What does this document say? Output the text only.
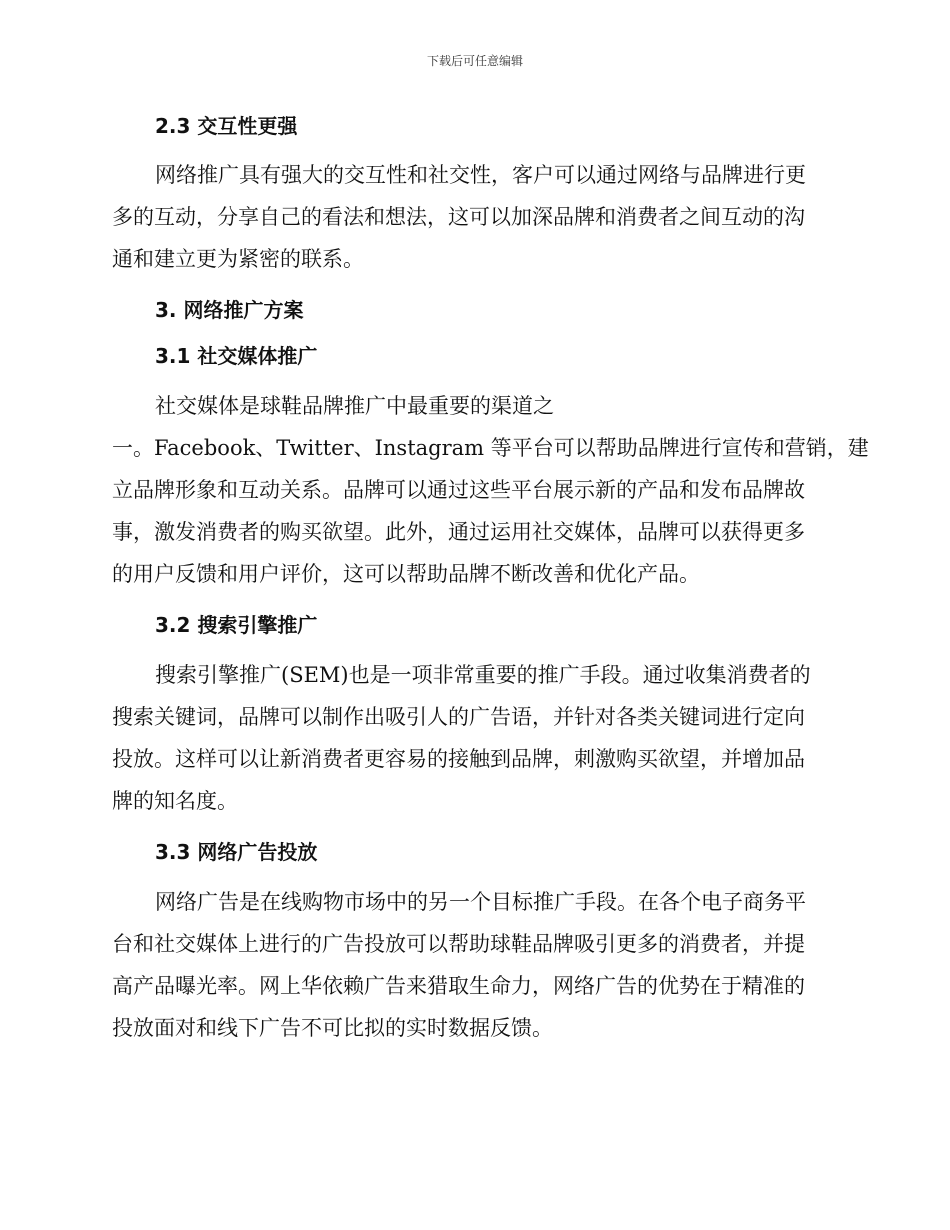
下载后可任意编辑
2.3 交互性更强

网络推广具有强大的交互性和社交性，客户可以通过网络与品牌进行更
多的互动，分享自己的看法和想法，这可以加深品牌和消费者之间互动的沟
通和建立更为紧密的联系。

3. 网络推广方案
3.1 社交媒体推广

社交媒体是球鞋品牌推广中最重要的渠道之
一。Facebook、Twitter、Instagram 等平台可以帮助品牌进行宣传和营销，建
立品牌形象和互动关系。品牌可以通过这些平台展示新的产品和发布品牌故
事，激发消费者的购买欲望。此外，通过运用社交媒体，品牌可以获得更多
的用户反馈和用户评价，这可以帮助品牌不断改善和优化产品。

3.2 搜索引擎推广

搜索引擎推广(SEM)也是一项非常重要的推广手段。通过收集消费者的
搜索关键词，品牌可以制作出吸引人的广告语，并针对各类关键词进行定向
投放。这样可以让新消费者更容易的接触到品牌，刺激购买欲望，并增加品
牌的知名度。

3.3 网络广告投放

网络广告是在线购物市场中的另一个目标推广手段。在各个电子商务平
台和社交媒体上进行的广告投放可以帮助球鞋品牌吸引更多的消费者，并提
高产品曝光率。网上华依赖广告来猎取生命力，网络广告的优势在于精准的
投放面对和线下广告不可比拟的实时数据反馈。
